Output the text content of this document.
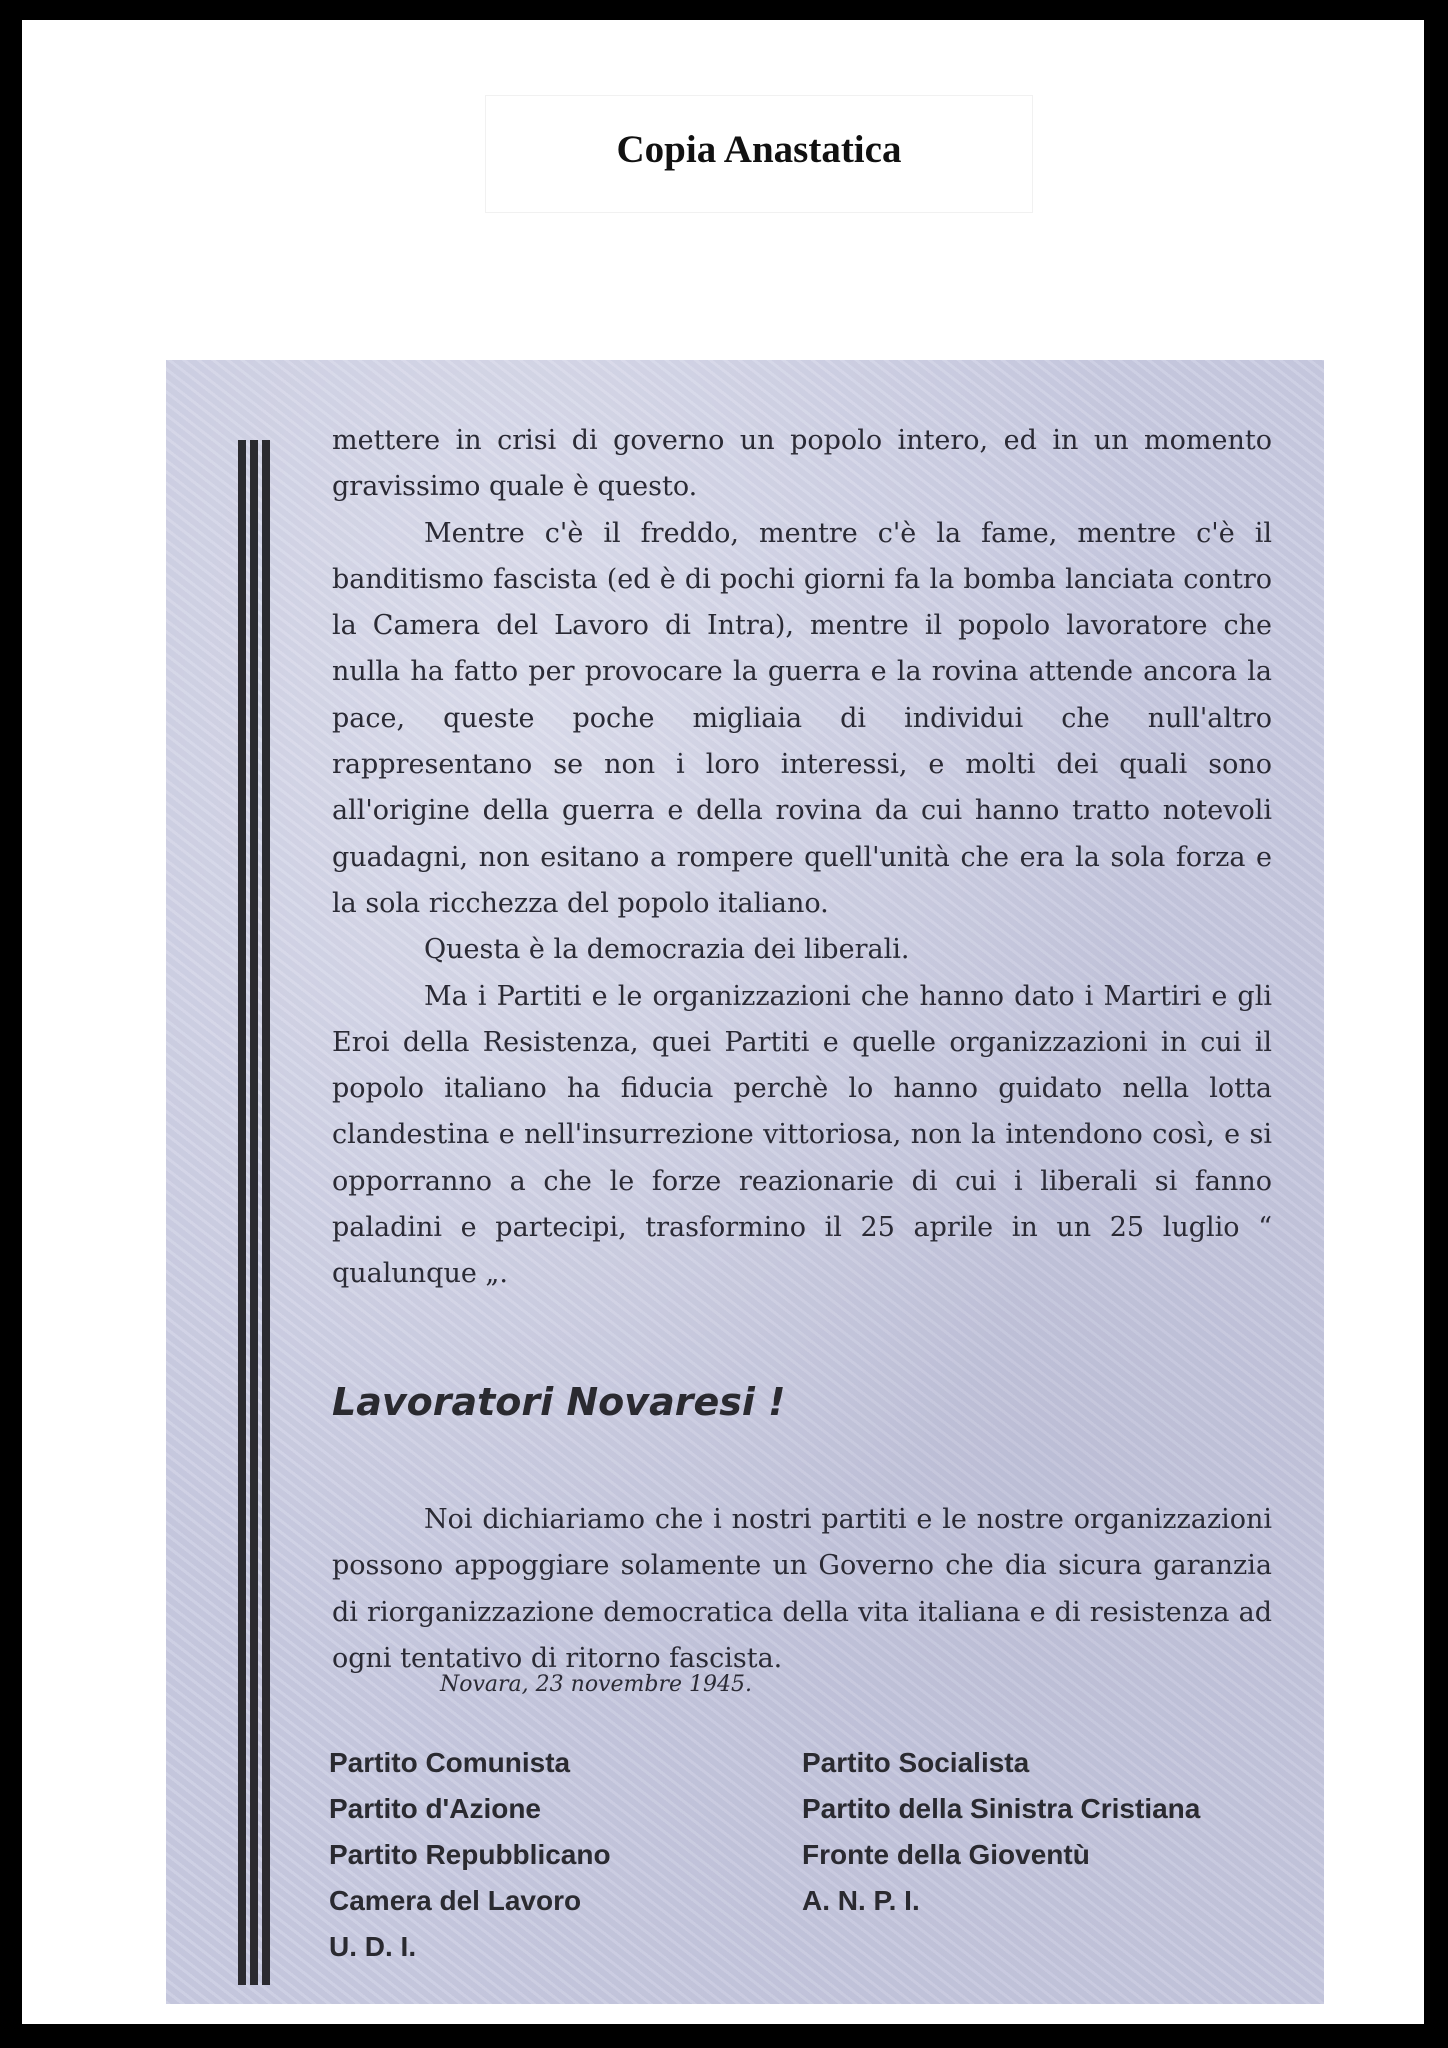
Copia Anastatica

mettere in crisi di governo un popolo intero, ed in un momento gravissimo quale è questo.

Mentre c'è il freddo, mentre c'è la fame, mentre c'è il banditismo fascista (ed è di pochi giorni fa la bomba lanciata contro la Camera del Lavoro di Intra), mentre il popolo lavoratore che nulla ha fatto per provocare la guerra e la rovina attende ancora la pace, queste poche migliaia di individui che null'altro rappresentano se non i loro interessi, e molti dei quali sono all'origine della guerra e della rovina da cui hanno tratto notevoli guadagni, non esitano a rompere quell'unità che era la sola forza e la sola ricchezza del popolo italiano.

Questa è la democrazia dei liberali.

Ma i Partiti e le organizzazioni che hanno dato i Martiri e gli Eroi della Resistenza, quei Partiti e quelle organizzazioni in cui il popolo italiano ha fiducia perchè lo hanno guidato nella lotta clandestina e nell'insurrezione vittoriosa, non la intendono così, e si opporranno a che le forze reazionarie di cui i liberali si fanno paladini e partecipi, trasformino il 25 aprile in un 25 luglio “ qualunque „.

Lavoratori Novaresi !

Noi dichiariamo che i nostri partiti e le nostre organizzazioni possono appoggiare solamente un Governo che dia sicura garanzia di riorganizzazione democratica della vita italiana e di resistenza ad ogni tentativo di ritorno fascista.

Novara, 23 novembre 1945.
Partito Comunista
Partito d'Azione
Partito Repubblicano
Camera del Lavoro
U. D. I.
Partito Socialista
Partito della Sinistra Cristiana
Fronte della Gioventù
A. N. P. I.
